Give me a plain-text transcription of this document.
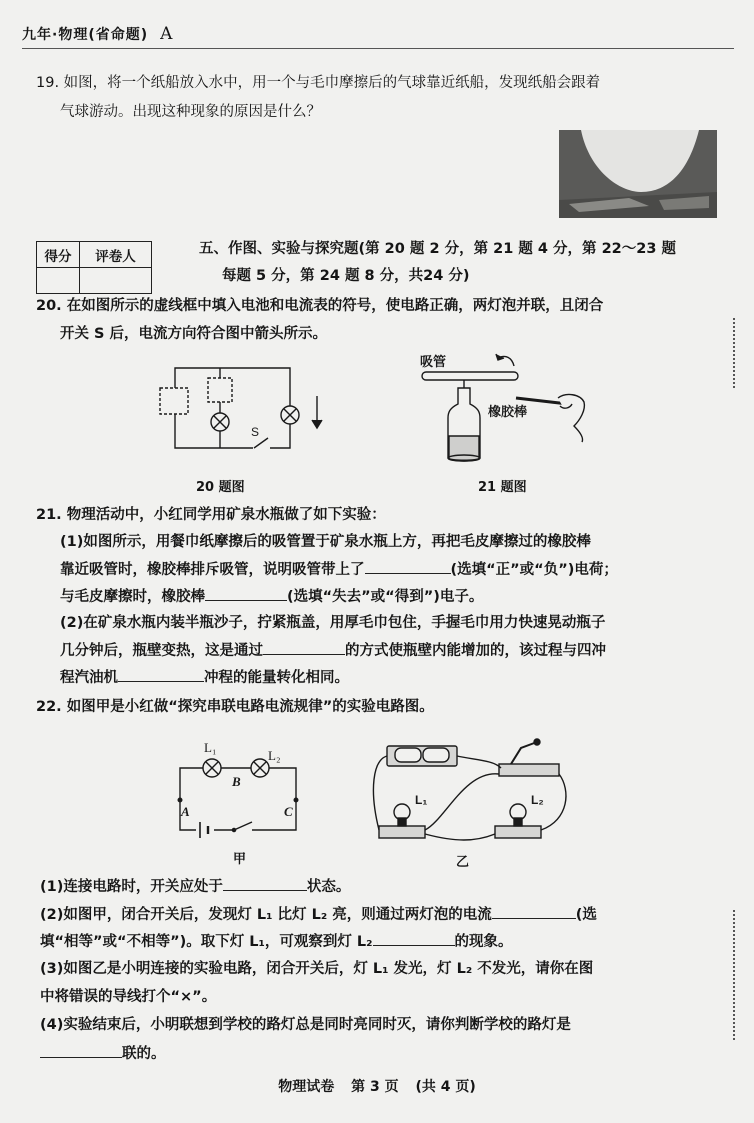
九年·物理(省命题) A
19. 如图，将一个纸船放入水中，用一个与毛巾摩擦后的气球靠近纸船，发现纸船会跟着
气球游动。出现这种现象的原因是什么？
得分	评卷人
		五、作图、实验与探究题(第 20 题 2 分，第 21 题 4 分，第 22～23 题
每题 5 分，第 24 题 8 分，共24 分)
20. 在如图所示的虚线框中填入电池和电流表的符号，使电路正确，两灯泡并联，且闭合
开关 S 后，电流方向符合图中箭头所示。
S
20 题图
吸管
橡胶棒
21 题图
21. 物理活动中，小红同学用矿泉水瓶做了如下实验：
(1)如图所示，用餐巾纸摩擦后的吸管置于矿泉水瓶上方，再把毛皮摩擦过的橡胶棒
靠近吸管时，橡胶棒排斥吸管，说明吸管带上了	(选填“正”或“负”)电荷；
与毛皮摩擦时，橡胶棒	(选填“失去”或“得到”)电子。
(2)在矿泉水瓶内装半瓶沙子，拧紧瓶盖，用厚毛巾包住，手握毛巾用力快速晃动瓶子
几分钟后，瓶壁变热，这是通过	的方式使瓶壁内能增加的，该过程与四冲
程汽油机	冲程的能量转化相同。
22. 如图甲是小红做“探究串联电路电流规律”的实验电路图。
L₁
L₂
B
A	C
甲
L₁	L₂
乙
(1)连接电路时，开关应处于	状态。
(2)如图甲，闭合开关后，发现灯 L₁ 比灯 L₂ 亮，则通过两灯泡的电流	(选
填“相等”或“不相等”)。取下灯 L₁，可观察到灯 L₂	的现象。
(3)如图乙是小明连接的实验电路，闭合开关后，灯 L₁ 发光，灯 L₂ 不发光，请你在图
中将错误的导线打个“×”。
(4)实验结束后，小明联想到学校的路灯总是同时亮同时灭，请你判断学校的路灯是
联的。
物理试卷 第 3 页 (共 4 页)
